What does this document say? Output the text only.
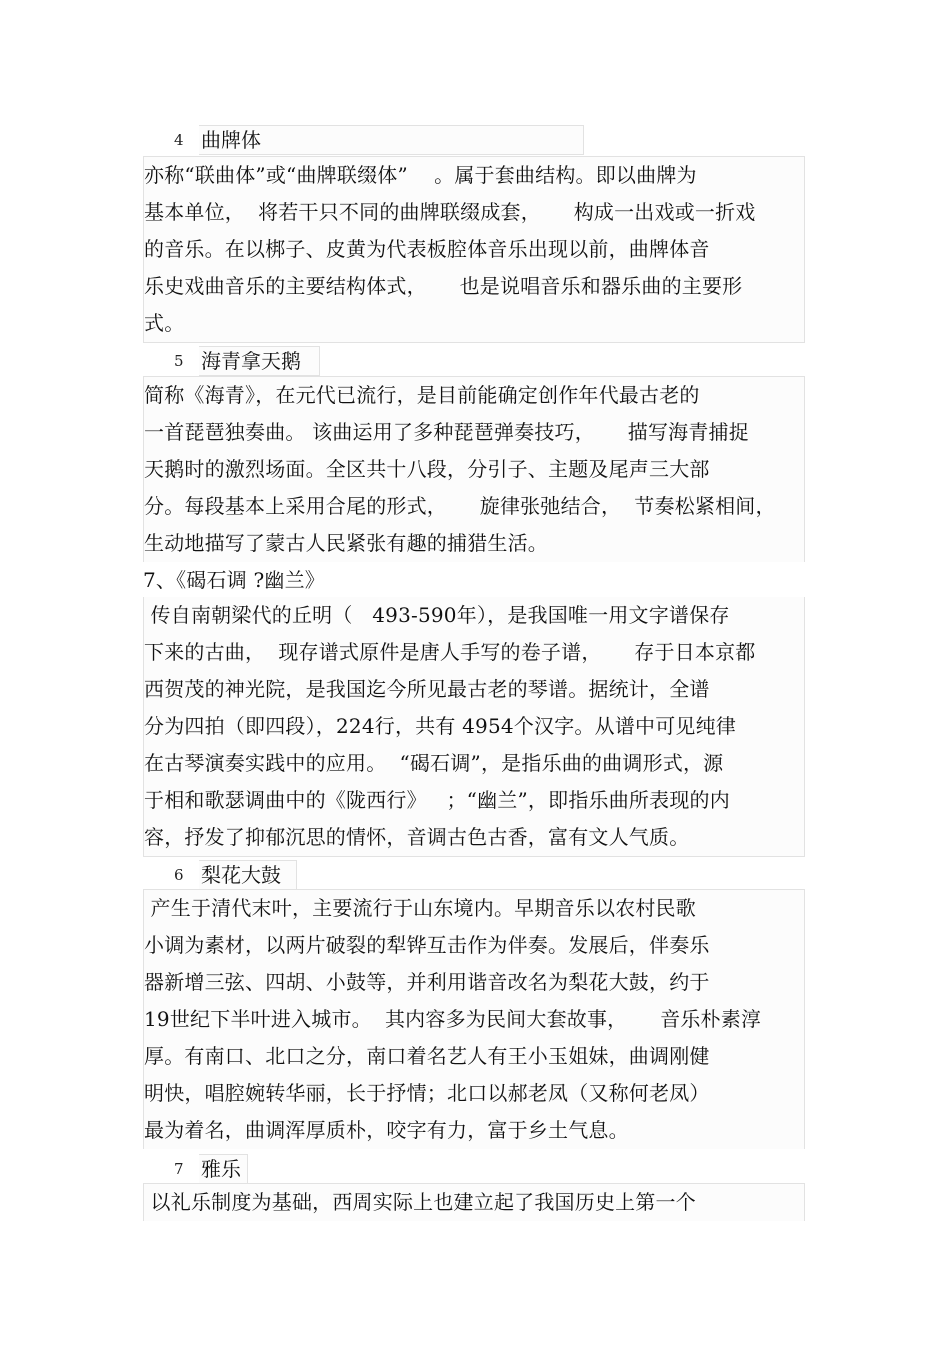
4 曲牌体
亦称“联曲体”或“曲牌联缀体”    。属于套曲结构。即以曲牌为
基本单位，  将若干只不同的曲牌联缀成套，     构成一出戏或一折戏
的音乐。在以梆子、皮黄为代表板腔体音乐出现以前，曲牌体音
乐史戏曲音乐的主要结构体式，     也是说唱音乐和器乐曲的主要形
式。
5 海青拿天鹅
简称《海青》，在元代已流行，是目前能确定创作年代最古老的
一首琵琶独奏曲。 该曲运用了多种琵琶弹奏技巧，     描写海青捕捉
天鹅时的激烈场面。全区共十八段，分引子、主题及尾声三大部
分。每段基本上采用合尾的形式，     旋律张弛结合，  节奏松紧相间，
生动地描写了蒙古人民紧张有趣的捕猎生活。
7、《碣石调 ?幽兰》
传自南朝梁代的丘明（   493-590年），是我国唯一用文字谱保存
下来的古曲，  现存谱式原件是唐人手写的卷子谱，     存于日本京都
西贺茂的神光院，是我国迄今所见最古老的琴谱。据统计，全谱
分为四拍（即四段），224行，共有 4954个汉字。从谱中可见纯律
在古琴演奏实践中的应用。  “碣石调”，是指乐曲的曲调形式，源
于相和歌瑟调曲中的《陇西行》   ；“幽兰”，即指乐曲所表现的内
容，抒发了抑郁沉思的情怀，音调古色古香，富有文人气质。
6 梨花大鼓
产生于清代末叶，主要流行于山东境内。早期音乐以农村民歌
小调为素材，以两片破裂的犁铧互击作为伴奏。发展后，伴奏乐
器新增三弦、四胡、小鼓等，并利用谐音改名为梨花大鼓，约于
19世纪下半叶进入城市。  其内容多为民间大套故事，     音乐朴素淳
厚。有南口、北口之分，南口着名艺人有王小玉姐妹，曲调刚健
明快，唱腔婉转华丽，长于抒情；北口以郝老凤（又称何老凤）
最为着名，曲调浑厚质朴，咬字有力，富于乡土气息。
7 雅乐
以礼乐制度为基础，西周实际上也建立起了我国历史上第一个
